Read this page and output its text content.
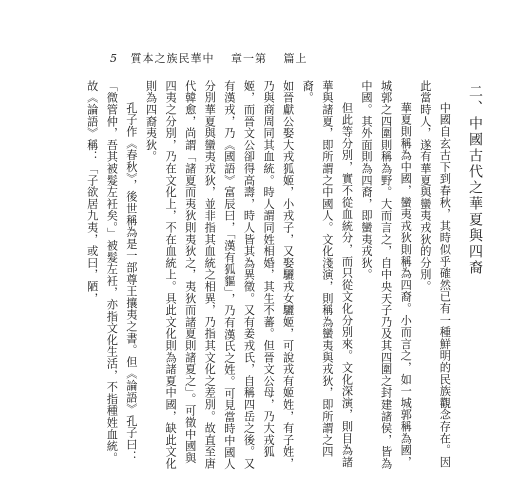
5 質本之族民華中 章一第 篇上

二、中國古代之華夏與四裔

中國自玄古下到春秋，其時似乎確然已有一種鮮明的民族觀念存在。因此當時人，遂有華夏與蠻夷戎狄的分別。

華夏則稱為中國，蠻夷戎狄則稱為四裔。小而言之，如一城郭稱為國，城郭之四圍則稱為野。大而言之，自中央天子乃及其四圍之封建諸侯，皆為中國。其外面則為四裔，即蠻夷戎狄。

但此等分別，實不從血統分，而只從文化分別來。文化深演，則目為諸華與諸夏，即所謂之中國人。文化淺演，則稱為蠻夷與戎狄，即所謂之四裔。

如晉獻公娶大戎狐姬，小戎子，又娶驪戎女驪姬，可說戎有姬姓，有子姓，乃與商周同其血統。時人謂同姓相婚，其生不蕃。但晉文公母，乃大戎狐姬，而晉文公卻得高壽，時人皆其為異徵。又有姜戎氏，自稱四岳之後。又有漢戎，乃《國語》富辰曰，「漢有狐貙」，乃有漢氏之姓。可見當時中國人分別華夏與蠻夷戎狄，並非指其血統之相異，乃指其文化之差別。故直至唐代韓愈，尚謂「諸夏而夷狄則夷狄之，夷狄而諸夏則諸夏之」。可徵中國與四夷之分別，乃在文化上，不在血統上。具此文化則為諸夏中國，缺此文化則為四裔夷狄。

孔子作《春秋》，後世稱為是一部尊王攘夷之書。但《論語》孔子曰：「微管仲，吾其被髮左衽矣。」被髮左衽，亦指文化生活，不指種姓血統。故《論語》稱：「子欲居九夷，或曰，陋，
